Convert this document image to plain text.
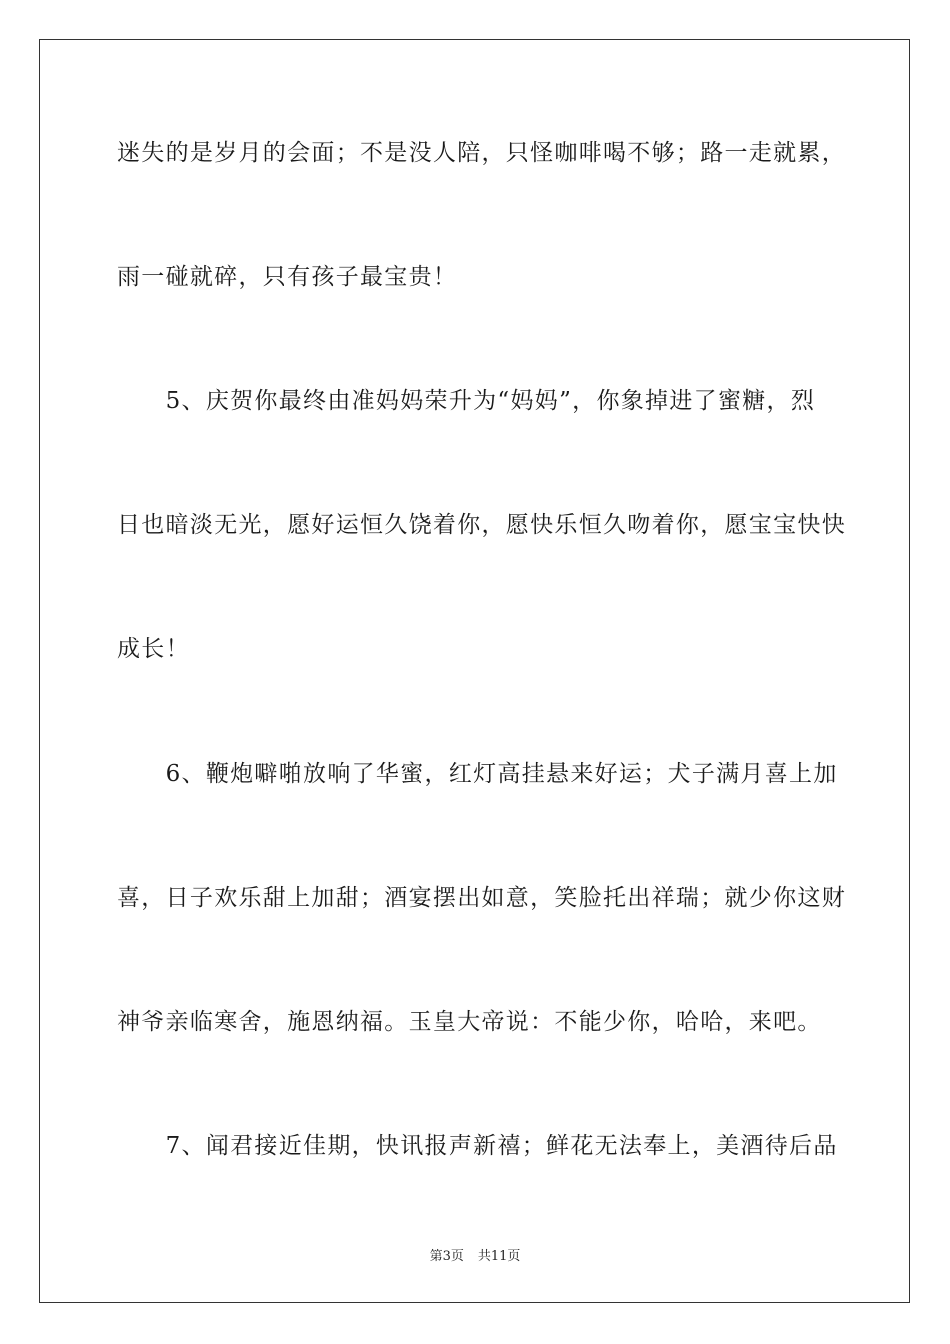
迷失的是岁月的会面；不是没人陪，只怪咖啡喝不够；路一走就累，
雨一碰就碎，只有孩子最宝贵！
　　5、庆贺你最终由准妈妈荣升为“妈妈”，你象掉进了蜜糖，烈
日也暗淡无光，愿好运恒久饶着你，愿快乐恒久吻着你，愿宝宝快快
成长！
　　6、鞭炮噼啪放响了华蜜，红灯高挂悬来好运；犬子满月喜上加
喜，日子欢乐甜上加甜；酒宴摆出如意，笑脸托出祥瑞；就少你这财
神爷亲临寒舍，施恩纳福。玉皇大帝说：不能少你，哈哈，来吧。
　　7、闻君接近佳期，快讯报声新禧；鲜花无法奉上，美酒待后品
第3页 共11页
